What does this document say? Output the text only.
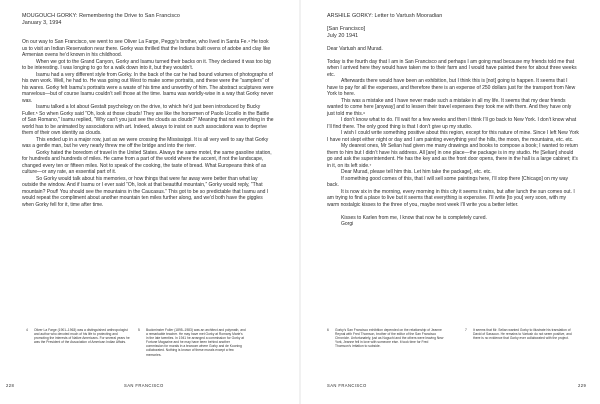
MOUGOUCH GORKY: Remembering the Drive to San Francisco
January 3, 1994

On our way to San Francisco, we went to see Oliver La Farge, Peggy’s brother, who lived in Santa Fe.⁴ He took us to visit an Indian Reservation near there. Gorky was thrilled that the Indians built ovens of adobe and clay like Armenian ovens he’d known in his childhood.

When we got to the Grand Canyon, Gorky and Isamu turned their backs on it. They declared it was too big to be interesting. I was longing to go for a walk down into it, but they wouldn’t.

Isamu had a very different style from Gorky. In the back of the car he had bound volumes of photographs of his own work. Well, he had to. He was going out West to make some portraits, and these were the “samplers” of his wares. Gorky felt Isamu’s portraits were a waste of his time and unworthy of him. The abstract sculptures were marvelous—but of course Isamu couldn’t sell those at the time. Isamu was worldly-wise in a way that Gorky never was.

Isamu talked a lot about Gestalt psychology on the drive, to which he’d just been introduced by Bucky Fuller.⁵ So when Gorky said “Oh, look at those clouds! They are like the horsemen of Paolo Uccello in the Battle of San Romano,” Isamu replied, “Why can’t you just see the clouds as clouds?” Meaning that not everything in the world has to be animated by associations with art. Indeed, always to insist on such associations was to deprive them of their own identity as clouds.

This ended up in a major row, just as we were crossing the Mississippi. It is all very well to say that Gorky was a gentle man, but he very nearly threw me off the bridge and into the river.

Gorky hated the boredom of travel in the United States. Always the same motel, the same gasoline station, for hundreds and hundreds of miles. He came from a part of the world where the accent, if not the landscape, changed every ten or fifteen miles. Not to speak of the cooking, the taste of bread. What Europeans think of as culture—or any rate, an essential part of it.

So Gorky would talk about his memories, or how things that were far away were better than what lay outside the window. And if Isamu or I ever said “Oh, look at that beautiful mountain,” Gorky would reply, “That mountain? Pouf! You should see the mountains in the Caucasus.” This got to be so predictable that Isamu and I would repeat the compliment about another mountain ten miles further along, and we’d both have the giggles when Gorky fell for it, time after time.

4 Oliver La Farge (1901–1963) was a distinguished anthropologist and author who devoted much of his life to protecting and promoting the interests of Native Americans. For several years he was the President of the Association of American Indian Affairs.
5 Buckminster Fuller (1895–1983) was an architect and polymath, and a remarkable teacher. He may have met Gorky at Romany Marie’s in the late twenties. In 1941 he arranged a commission for Gorky at Fortune Magazine and he may have been behind another commission for murals in a tearoom where Gorky and de Kooning collaborated. Nothing is known of these murals except a few memories.
228	SAN FRANCISCO
ARSHILE GORKY: Letter to Vartush Mooradian
[San Francisco]
July 20 1941
Dear Vartush and Murad.

Today is the fourth day that I am in San Francisco and perhaps I am going mad because my friends told me that when I arrived here they would have taken me to their farm and I would have painted there for about three weeks etc.

Afterwards there would have been an exhibition, but I think this is [not] going to happen. It seems that I have to pay for all the expenses, and therefore there is an expense of 250 dollars just for the transport from New York to here.

This was a mistake and I have never made such a mistake in all my life. It seems that my dear friends wanted to come here [anyway] and to lessen their travel expenses they took me with them. And they have only just told me this.⁶

I don’t know what to do. I’ll wait for a few weeks and then I think I’ll go back to New York. I don’t know what I’ll find there. The only good thing is that I don’t give up my studio.

I wish I could write something positive about this region, except for this nature of mine. Since I left New York I have not slept either night or day and I am painting everything yes! the hills, the moon, the mountains, etc. etc.

My dearest ones, Mr Selian had given me many drawings and books to compose a book; I wanted to return them to him but I didn’t have his address. All [are] in one place—the package is in my studio. He [Selian] should go and ask the superintendent. He has the key and as the front door opens, there in the hall is a large cabinet; it’s in it, on its left side.⁷

Dear Murad, please tell him this. Let him take the package], etc. etc.

If something good comes of this, that I will sell some paintings here, I’ll stop there [Chicago] on my way back.

It is now six in the morning, every morning in this city it seems it rains, but after lunch the sun comes out. I am trying to find a place to live but it seems that everything is expensive. I’ll write [to you] very soon, with my warm nostalgic kisses to the three of you, maybe next week I’ll write you a better letter.

Kisses to Karlen from me, I know that now he is completely cured.
Gorgi
6 Gorky’s San Francisco exhibition depended on the relationship of Jeanne Reynal with Fred Thomson, brother of the editor of the San Francisco Chronicle. Unfortunately, just as Noguchi and the others were leaving New York, Jeanne fell in love with someone else. It took time for Fred Thomson’s irritation to subside.
7 It seems that Mr. Selian wanted Gorky to illustrate his translation of David of Sassoun. He remains to Vartush do not seem positive, and there is no evidence that Gorky ever collaborated with the project.
SAN FRANCISCO	229
